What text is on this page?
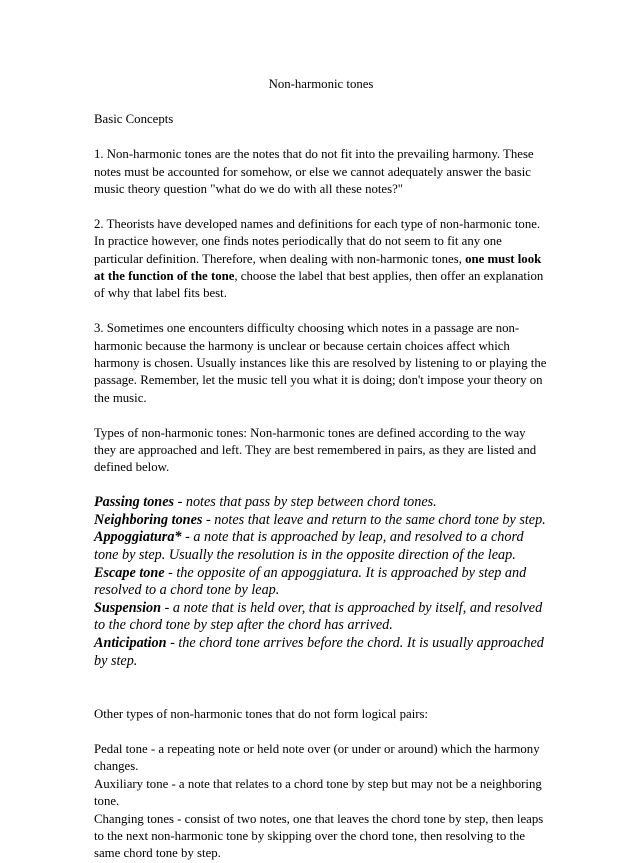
Non-harmonic tones

Basic Concepts

1. Non-harmonic tones are the notes that do not fit into the prevailing harmony. These notes must be accounted for somehow, or else we cannot adequately answer the basic music theory question "what do we do with all these notes?"

2. Theorists have developed names and definitions for each type of non-harmonic tone. In practice however, one finds notes periodically that do not seem to fit any one particular definition. Therefore, when dealing with non-harmonic tones, one must look at the function of the tone, choose the label that best applies, then offer an explanation of why that label fits best.

3. Sometimes one encounters difficulty choosing which notes in a passage are non-harmonic because the harmony is unclear or because certain choices affect which harmony is chosen. Usually instances like this are resolved by listening to or playing the passage. Remember, let the music tell you what it is doing; don't impose your theory on the music.

Types of non-harmonic tones: Non-harmonic tones are defined according to the way they are approached and left. They are best remembered in pairs, as they are listed and defined below.

Passing tones - notes that pass by step between chord tones.
Neighboring tones - notes that leave and return to the same chord tone by step.
Appoggiatura* - a note that is approached by leap, and resolved to a chord tone by step. Usually the resolution is in the opposite direction of the leap.
Escape tone - the opposite of an appoggiatura. It is approached by step and resolved to a chord tone by leap.
Suspension - a note that is held over, that is approached by itself, and resolved to the chord tone by step after the chord has arrived.
Anticipation - the chord tone arrives before the chord. It is usually approached by step.

Other types of non-harmonic tones that do not form logical pairs:

Pedal tone - a repeating note or held note over (or under or around) which the harmony changes.
Auxiliary tone - a note that relates to a chord tone by step but may not be a neighboring tone.
Changing tones - consist of two notes, one that leaves the chord tone by step, then leaps to the next non-harmonic tone by skipping over the chord tone, then resolving to the same chord tone by step.
